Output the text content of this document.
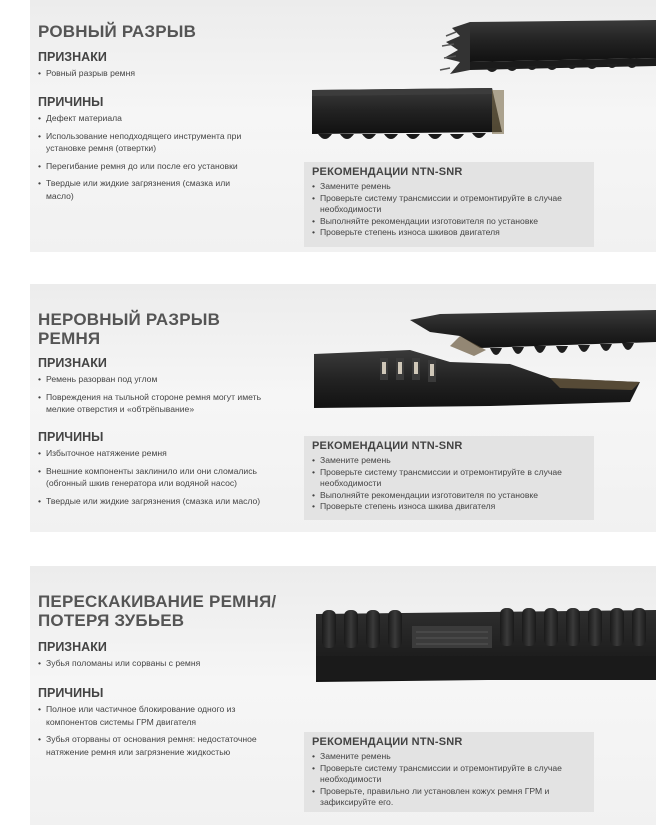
РОВНЫЙ РАЗРЫВ
ПРИЗНАКИ
• Ровный разрыв ремня
ПРИЧИНЫ
• Дефект материала
• Использование неподходящего инструмента при установке ремня (отвертки)
• Перегибание ремня до или после его установки
• Твердые или жидкие загрязнения (смазка или масло)
РЕКОМЕНДАЦИИ NTN-SNR
• Замените ремень
• Проверьте систему трансмиссии и отремонтируйте в случае необходимости
• Выполняйте рекомендации изготовителя по установке
• Проверьте степень износа шкивов двигателя
НЕРОВНЫЙ РАЗРЫВ
РЕМНЯ
ПРИЗНАКИ
• Ремень разорван под углом
• Повреждения на тыльной стороне ремня могут иметь мелкие отверстия и «обтрёпывание»
ПРИЧИНЫ
• Избыточное натяжение ремня
• Внешние компоненты заклинило или они сломались (обгонный шкив генератора или водяной насос)
• Твердые или жидкие загрязнения (смазка или масло)
РЕКОМЕНДАЦИИ NTN-SNR
• Замените ремень
• Проверьте систему трансмиссии и отремонтируйте в случае необходимости
• Выполняйте рекомендации изготовителя по установке
• Проверьте степень износа шкива двигателя
ПЕРЕСКАКИВАНИЕ РЕМНЯ/
ПОТЕРЯ ЗУБЬЕВ
ПРИЗНАКИ
• Зубья поломаны или сорваны с ремня
ПРИЧИНЫ
• Полное или частичное блокирование одного из компонентов системы ГРМ двигателя
• Зубья оторваны от основания ремня: недостаточное натяжение ремня или загрязнение жидкостью
РЕКОМЕНДАЦИИ NTN-SNR
• Замените ремень
• Проверьте систему трансмиссии и отремонтируйте в случае необходимости
• Проверьте, правильно ли установлен кожух ремня ГРМ и зафиксируйте его.
